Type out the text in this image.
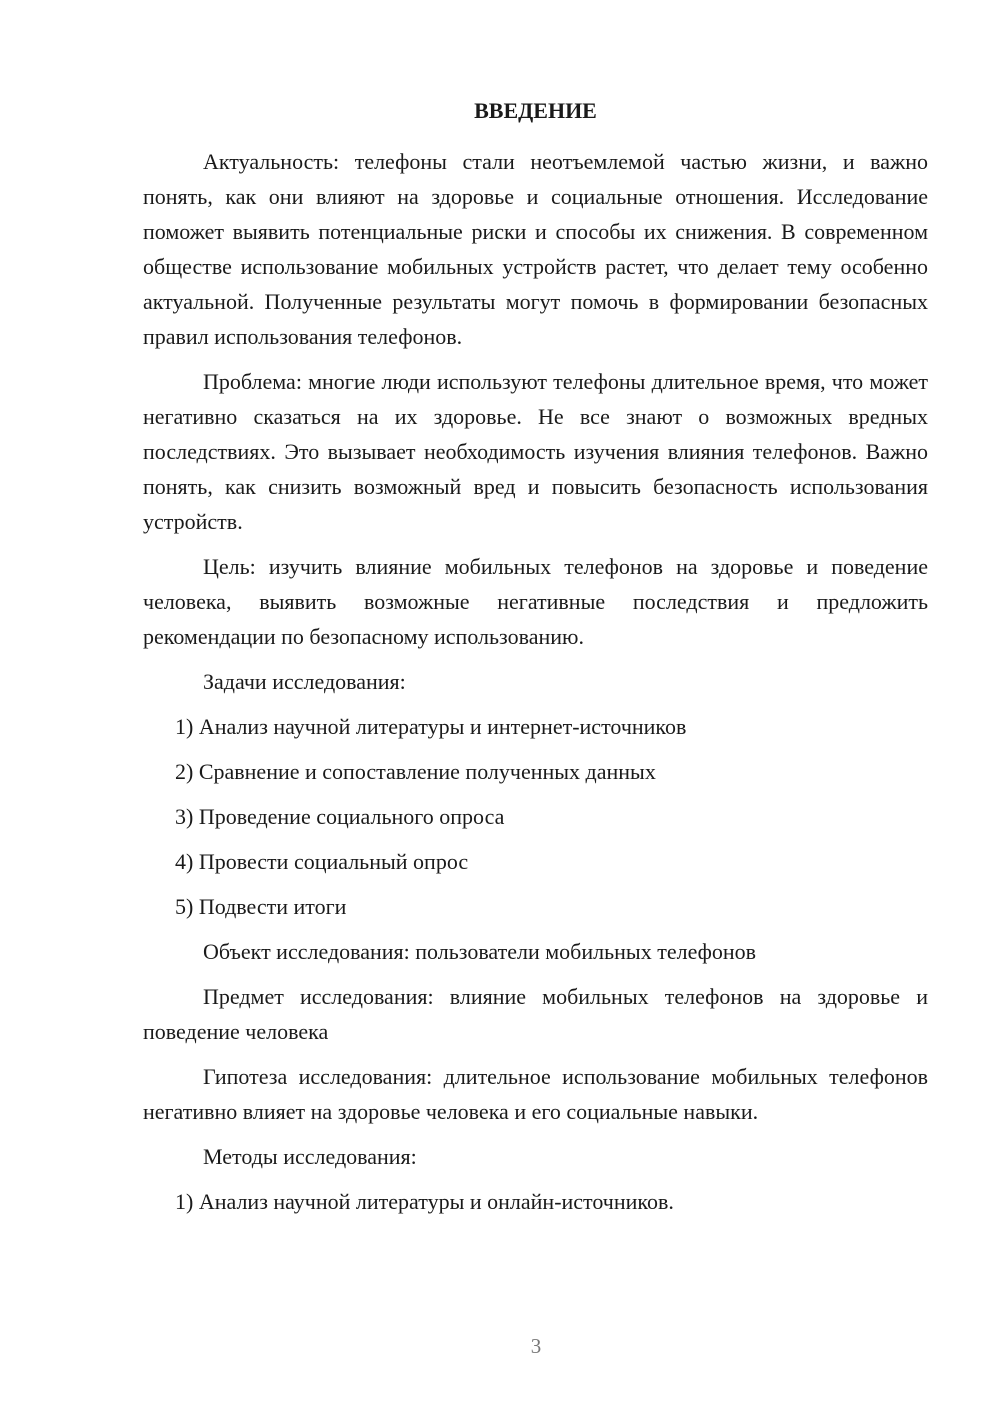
ВВЕДЕНИЕ

Актуальность: телефоны стали неотъемлемой частью жизни, и важно понять, как они влияют на здоровье и социальные отношения. Исследование поможет выявить потенциальные риски и способы их снижения. В современном обществе использование мобильных устройств растет, что делает тему особенно актуальной. Полученные результаты могут помочь в формировании безопасных правил использования телефонов.

Проблема: многие люди используют телефоны длительное время, что может негативно сказаться на их здоровье. Не все знают о возможных вредных последствиях. Это вызывает необходимость изучения влияния телефонов. Важно понять, как снизить возможный вред и повысить безопасность использования устройств.

Цель: изучить влияние мобильных телефонов на здоровье и поведение человека, выявить возможные негативные последствия и предложить рекомендации по безопасному использованию.

Задачи исследования:
1) Анализ научной литературы и интернет-источников
2) Сравнение и сопоставление полученных данных
3) Проведение социального опроса
4) Провести социальный опрос
5) Подвести итоги
Объект исследования: пользователи мобильных телефонов

Предмет исследования: влияние мобильных телефонов на здоровье и поведение человека

Гипотеза исследования: длительное использование мобильных телефонов негативно влияет на здоровье человека и его социальные навыки.

Методы исследования:
1) Анализ научной литературы и онлайн-источников.
3
